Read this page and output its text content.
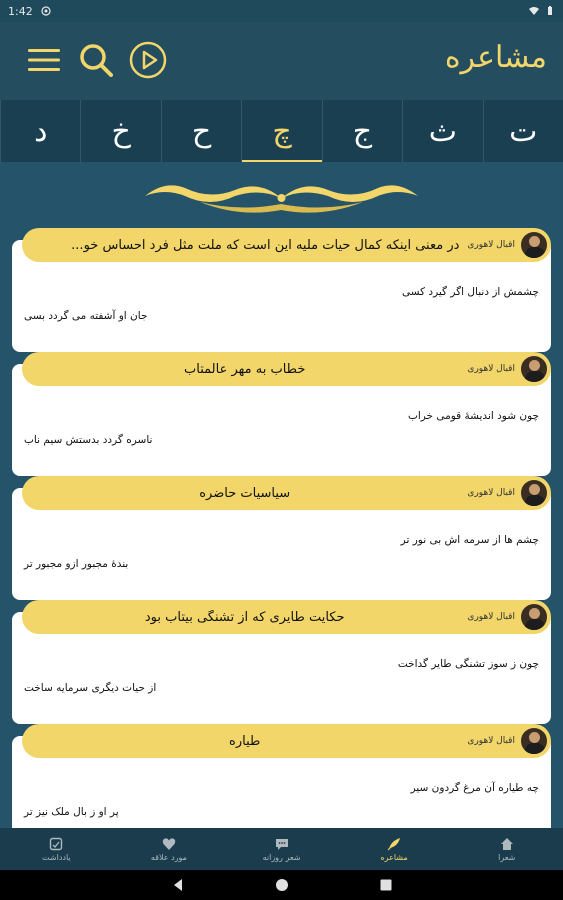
1:42
مشاعره
ت
ث
ج
چ
ح
خ
د
اقبال لاهوری
در معنی اینکه کمال حیات ملیه این است که ملت مثل فرد احساس خو...
چشمش از دنبال اگر گیرد کسی
جان او آشفته می گردد بسی
اقبال لاهوری
خطاب به مهر عالمتاب
چون شود اندیشهٔ قومی خراب
ناسره گردد بدستش سیم ناب
اقبال لاهوری
سیاسیات حاضره
چشم ها از سرمه اش بی نور تر
بندهٔ مجبور ازو مجبور تر
اقبال لاهوری
حکایت طایری که از تشنگی بیتاب بود
چون ز سوز تشنگی طایر گداخت
از حیات دیگری سرمایه ساخت
اقبال لاهوری
طیاره
چه طیاره آن مرغ گردون سیر
پر او ز بال ملک نیز تر
شعرا
مشاعره
شعر روزانه
مورد علاقه
یادداشت
